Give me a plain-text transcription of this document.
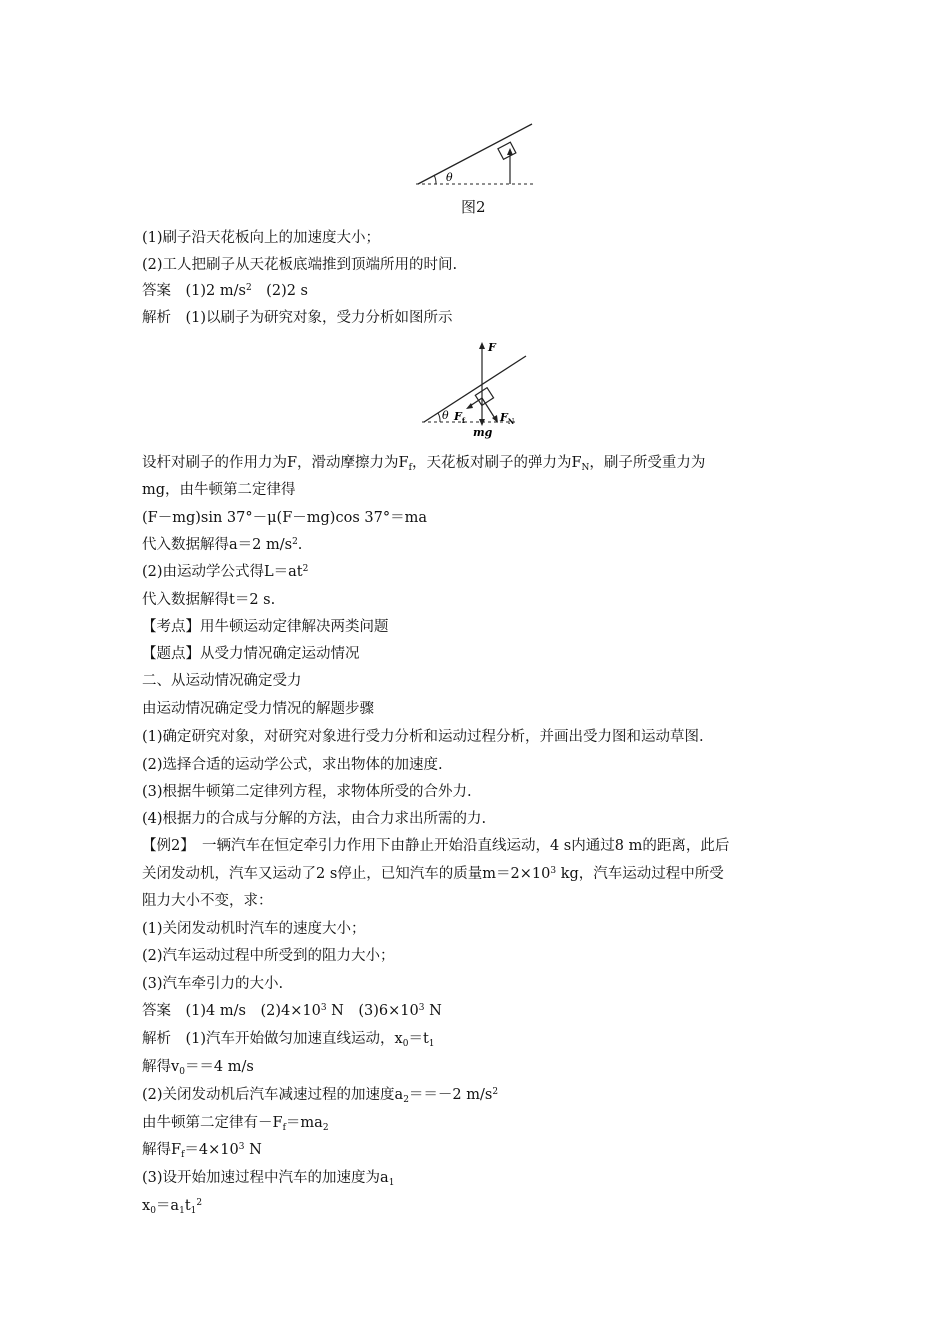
θ
图2
(1)刷子沿天花板向上的加速度大小；
(2)工人把刷子从天花板底端推到顶端所用的时间.
答案　(1)2 $m/s^2$　(2)2 s
解析　(1)以刷子为研究对象，受力分析如图所示
F
mg
$F_N$
$F_f$
θ
设杆对刷子的作用力为F，滑动摩擦力为$F_f$，天花板对刷子的弹力为$F_N$，刷子所受重力为
mg，由牛顿第二定律得
(F－mg)sin 37°－μ(F－mg)cos 37°＝ma
代入数据解得a＝2 $m/s^2$.
(2)由运动学公式得$L=at^2$
代入数据解得t＝2 s.
【考点】用牛顿运动定律解决两类问题
【题点】从受力情况确定运动情况
二、从运动情况确定受力
由运动情况确定受力情况的解题步骤
(1)确定研究对象，对研究对象进行受力分析和运动过程分析，并画出受力图和运动草图.
(2)选择合适的运动学公式，求出物体的加速度.
(3)根据牛顿第二定律列方程，求物体所受的合外力.
(4)根据力的合成与分解的方法，由合力求出所需的力.
【例2】　一辆汽车在恒定牵引力作用下由静止开始沿直线运动，4 s内通过8 m的距离，此后
关闭发动机，汽车又运动了2 s停止，已知汽车的质量$m=2\times 10^3$ kg，汽车运动过程中所受
阻力大小不变，求：
(1)关闭发动机时汽车的速度大小；
(2)汽车运动过程中所受到的阻力大小；
(3)汽车牵引力的大小.
答案　(1)4 m/s　$(2)4\times 10^3$ N　$(3)6\times 10^3$ N
解析　(1)汽车开始做匀加速直线运动，$x_0=t_1$
解得$v_0==4$ m/s
(2)关闭发动机后汽车减速过程的加速度$a_2==-2$ $m/s^2$
由牛顿第二定律有$-F_f=ma_2$
解得$F_f=4\times 10^3$ N
(3)设开始加速过程中汽车的加速度为$a_1$
$x_0=a_1t_1^2$
